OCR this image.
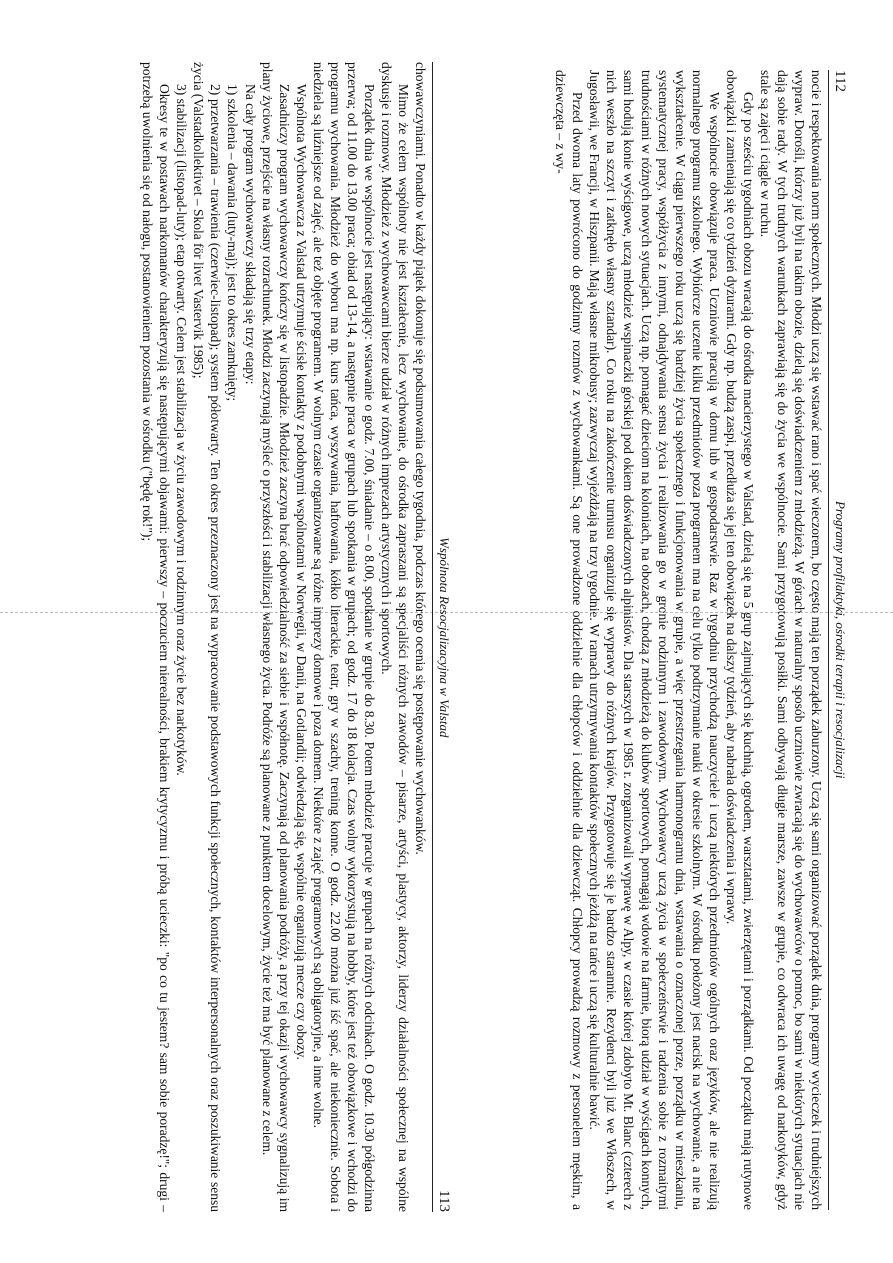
112
Programy profilaktyki, ośrodki terapii i resocjalizacji

nocie i respektowania norm społecznych. Młodzi uczą się wstawać rano i spać wieczorem, bo często mają ten porządek zaburzony. Uczą się sami organizować porządek dnia, programy wycieczek i trudniejszych wypraw. Dorośli, którzy już byli na takim obozie, dzielą się doświadczeniem z młodzieżą. W górach w naturalny sposób uczniowie zwracają się do wychowawców o pomoc, bo sami w niektórych sytuacjach nie dają sobie rady. W tych trudnych warunkach zaprawiają się do życia we wspólnocie. Sami przygotowują posiłki. Sami odbywają długie marsze, zawsze w grupie, co odwraca ich uwagę od narkotyków, gdyż stale są zajęci i ciągle w ruchu.

Gdy po sześciu tygodniach obozu wracają do ośrodka macierzystego w Valstad, dzielą się na 5 grup zajmujących się kuchnią, ogrodem, warsztatami, zwierzętami i porządkami. Od początku mają rutynowe obowiązki i zamieniają się co tydzień dyżurami. Gdy np. budzą zaspi, przedłuża się jej ten obowiązek na dalszy tydzień, aby nabrała doświadczenia i wprawy.

We wspólnocie obowiązuje praca. Uczniowie pracują w domu lub w gospodarstwie. Raz w tygodniu przychodzą nauczyciele i uczą niektórych przedmiotów ogólnych oraz języków, ale nie realizują normalnego programu szkolnego. Wybiórcze uczenie kilku przedmiotów poza programem ma na celu tylko podtrzymanie nauki w okresie szkolnym. W ośrodku położony jest nacisk na wychowanie, a nie na wykształcenie. W ciągu pierwszego roku uczą się bardziej życia społecznego i funkcjonowania w grupie, a więc przestrzegania harmonogramu dnia, wstawania o oznaczonej porze, porządku w mieszkaniu, systematycznej pracy, współżycia z innymi, odnajdywania sensu życia i realizowania go w gronie rodzinnym i zawodowym. Wychowawcy uczą życia w społeczeństwie i radzenia sobie z rozmaitymi trudnościami w różnych nowych sytuacjach. Uczą np. pomagać dzieciom na koloniach, na obozach, chodzą z młodzieżą do klubów sportowych, pomagają wdowie na farmie, biorą udział w wyścigach konnych, sami hodują konie wyścigowe, uczą młodzież wspinaczki górskiej pod okiem doświadczonych alpinistów. Dla starszych w 1985 r. zorganizowali wyprawę w Alpy, w czasie której zdobyto Mt. Blanc (czterech z nich weszło na szczyt i zatknęło własny sztandar). Co roku na zakończenie turnusu organizuje się wyprawy do różnych krajów. Przygotowuje się je bardzo starannie. Rezydenci byli już we Włoszech, w Jugosławii, we Francji, w Hiszpanii. Mają własne mikrobusy; zazwyczaj wyjeżdżają na trzy tygodnie. W ramach utrzymywania kontaktów społecznych jeżdżą na tańce i uczą się kulturalnie bawić.

Przed dwoma laty powrócono do godzinny rozmów z wychowankami. Są one prowadzone oddzielnie dla chłopców i oddzielnie dla dziewcząt. Chłopcy prowadzą rozmowy z personelem męskim, a dziewczęta – z wy-

Wspólnota Resocjalizacyjna w Valstad
113

chowawczyniami. Ponadto w każdy piątek dokonuje się podsumowania całego tygodnia, podczas którego ocenia się postępowanie wychowanków.

Mimo że celem wspólnoty nie jest kształcenie, lecz wychowanie, do ośrodka zapraszani są specjaliści różnych zawodów – pisarze, artyści, plastycy, aktorzy, liderzy działalności społecznej na wspólne dyskusje i rozmowy. Młodzież z wychowawcami bierze udział w różnych imprezach artystycznych i sportowych.

Porządek dnia we wspólnocie jest następujący: wstawanie o godz. 7.00, śniadanie – o 8.00, spotkanie w grupie do 8.30. Potem młodzież pracuje w grupach na różnych odcinkach. O godz. 10.30 półgodzinna przerwa; od 11.00 do 13.00 praca; obiad od 13-14, a następnie praca w grupach lub spotkania w grupach; od godz. 17 do 18 kolacja. Czas wolny wykorzystują na hobby, które jest też obowiązkowe i wchodzi do programu wychowania. Młodzież do wyboru ma np. kurs tańca, wyszywania, haftowania, kółko literackie, teatr, gry w szachy, trening konne. O godz. 22.00 można już iść spać, ale niekoniecznie. Sobota i niedziela są luźniejsze od zajęć, ale też objęte programem. W wolnym czasie organizowane są różne imprezy domowe i poza domem. Niektóre z zajęć programowych są obligatoryjne, a inne wolne.

Wspólnota Wychowawcza z Valstad utrzymuje ścisłe kontakty z podobnymi wspólnotami w Norwegii, w Danii, na Gotlandii; odwiedzają się, wspólnie organizują mecze czy obozy.

Zasadniczy program wychowawczy kończy się w listopadzie. Młodzież zaczyna brać odpowiedzialność za siebie i współnotę. Zaczynają od planowania podróży, a przy tej okazji wychowawcy sygnalizują im plany życiowe, przejście na własny rozrachunek. Młodzi zaczynają myśleć o przyszłości i stabilizacji własnego życia. Podróże są planowane z punktem docelowym, życie też ma być planowane z celem.

Na cały program wychowawczy składają się trzy etapy:

1) szkolenia – dawania (luty-maj); jest to okres zamknięty;

2) przetwarzania – trawienia (czerwiec-listopad); system półotwarty. Ten okres przeznaczony jest na wypracowanie podstawowych funkcji społecznych, kontaktów interpersonalnych oraz poszukiwanie sensu życia (Valstadkollektivet – Skola för livet Vastervik 1985);

3) stabilizacji (listopad-luty); etap otwarty. Celem jest stabilizacja w życiu zawodowym i rodzinnym oraz życie bez narkotyków.

Okresy te w postawach narkomanów charakteryzują się następującymi objawami: pierwszy – poczuciem nierealności, brakiem krytycyzmu i próbą ucieczki: "po co tu jestem? sam sobie poradzę!"; drugi – potrzebą uwolnienia się od nałogu, postanowieniem pozostania w ośrodku ("będę rok!");
